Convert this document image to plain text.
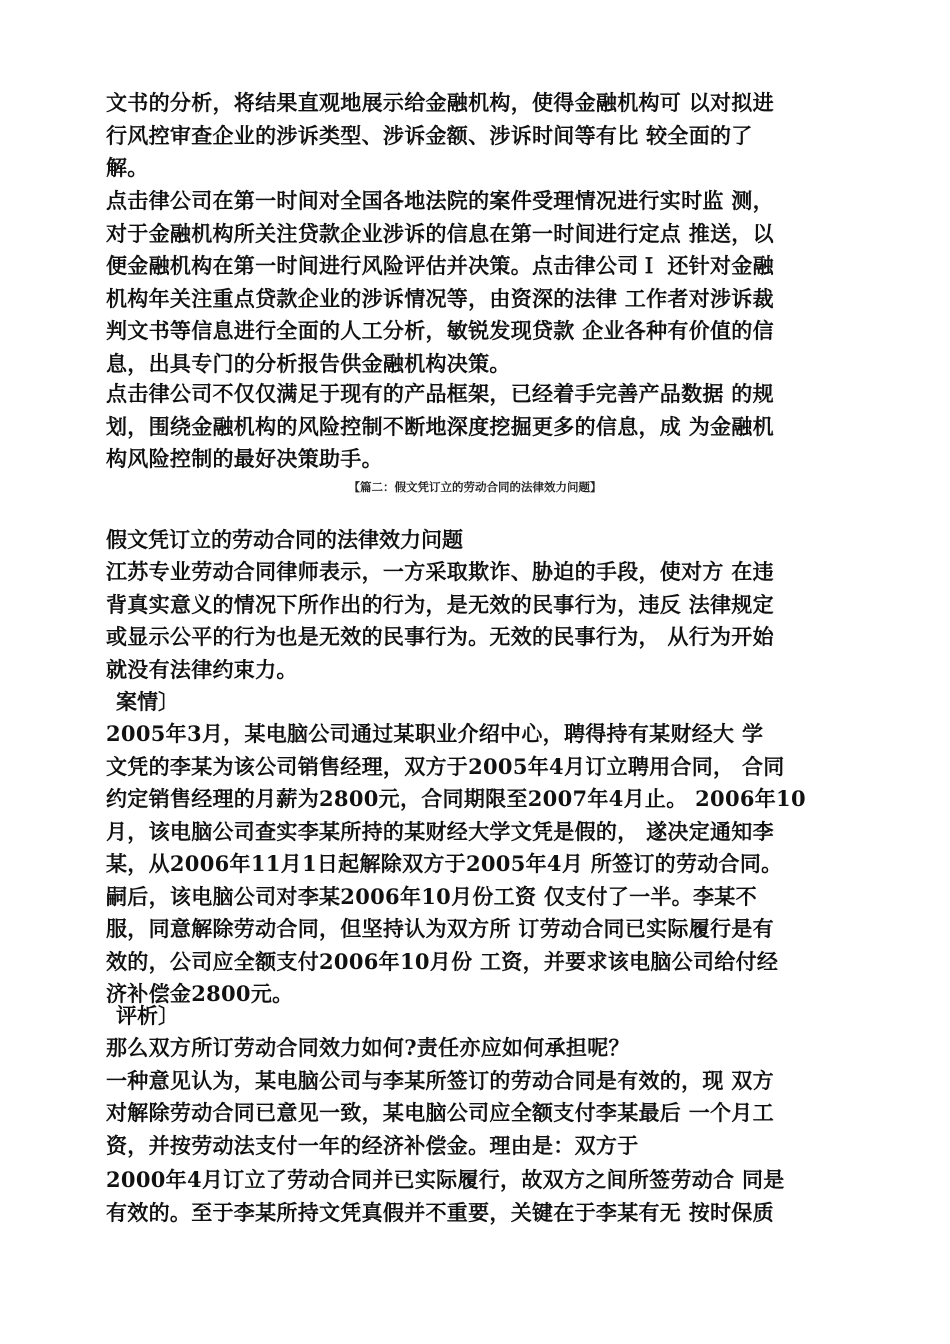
文书的分析，将结果直观地展示给金融机构，使得金融机构可 以对拟进
行风控审查企业的涉诉类型、涉诉金额、涉诉时间等有比 较全面的了
解。
点击律公司在第一时间对全国各地法院的案件受理情况进行实时监 测，
对于金融机构所关注贷款企业涉诉的信息在第一时间进行定点 推送，以
便金融机构在第一时间进行风险评估并决策。点击律公司Ｉ 还针对金融
机构年关注重点贷款企业的涉诉情况等，由资深的法律 工作者对涉诉裁
判文书等信息进行全面的人工分析，敏锐发现贷款 企业各种有价值的信
息，出具专门的分析报告供金融机构决策。
点击律公司不仅仅满足于现有的产品框架，已经着手完善产品数据 的规
划，围绕金融机构的风险控制不断地深度挖掘更多的信息，成 为金融机
构风险控制的最好决策助手。
【篇二：假文凭订立的劳动合同的法律效力问题】
假文凭订立的劳动合同的法律效力问题
江苏专业劳动合同律师表示，一方采取欺诈、胁迫的手段，使对方 在违
背真实意义的情况下所作出的行为，是无效的民事行为，违反 法律规定
或显示公平的行为也是无效的民事行为。无效的民事行为， 从行为开始
就没有法律约束力。
案情〕
2005年3月，某电脑公司通过某职业介绍中心，聘得持有某财经大 学
文凭的李某为该公司销售经理，双方于2005年4月订立聘用合同， 合同
约定销售经理的月薪为2800元，合同期限至2007年4月止。 2006年10
月，该电脑公司查实李某所持的某财经大学文凭是假的， 遂决定通知李
某，从2006年11月1日起解除双方于2005年4月 所签订的劳动合同。
嗣后，该电脑公司对李某2006年10月份工资 仅支付了一半。李某不
服，同意解除劳动合同，但坚持认为双方所 订劳动合同已实际履行是有
效的，公司应全额支付2006年10月份 工资，并要求该电脑公司给付经
济补偿金2800元。
评析〕
那么双方所订劳动合同效力如何?责任亦应如何承担呢？
一种意见认为，某电脑公司与李某所签订的劳动合同是有效的，现 双方
对解除劳动合同已意见一致，某电脑公司应全额支付李某最后 一个月工
资，并按劳动法支付一年的经济补偿金。理由是：双方于
2000年4月订立了劳动合同并已实际履行，故双方之间所签劳动合 同是
有效的。至于李某所持文凭真假并不重要，关键在于李某有无 按时保质
